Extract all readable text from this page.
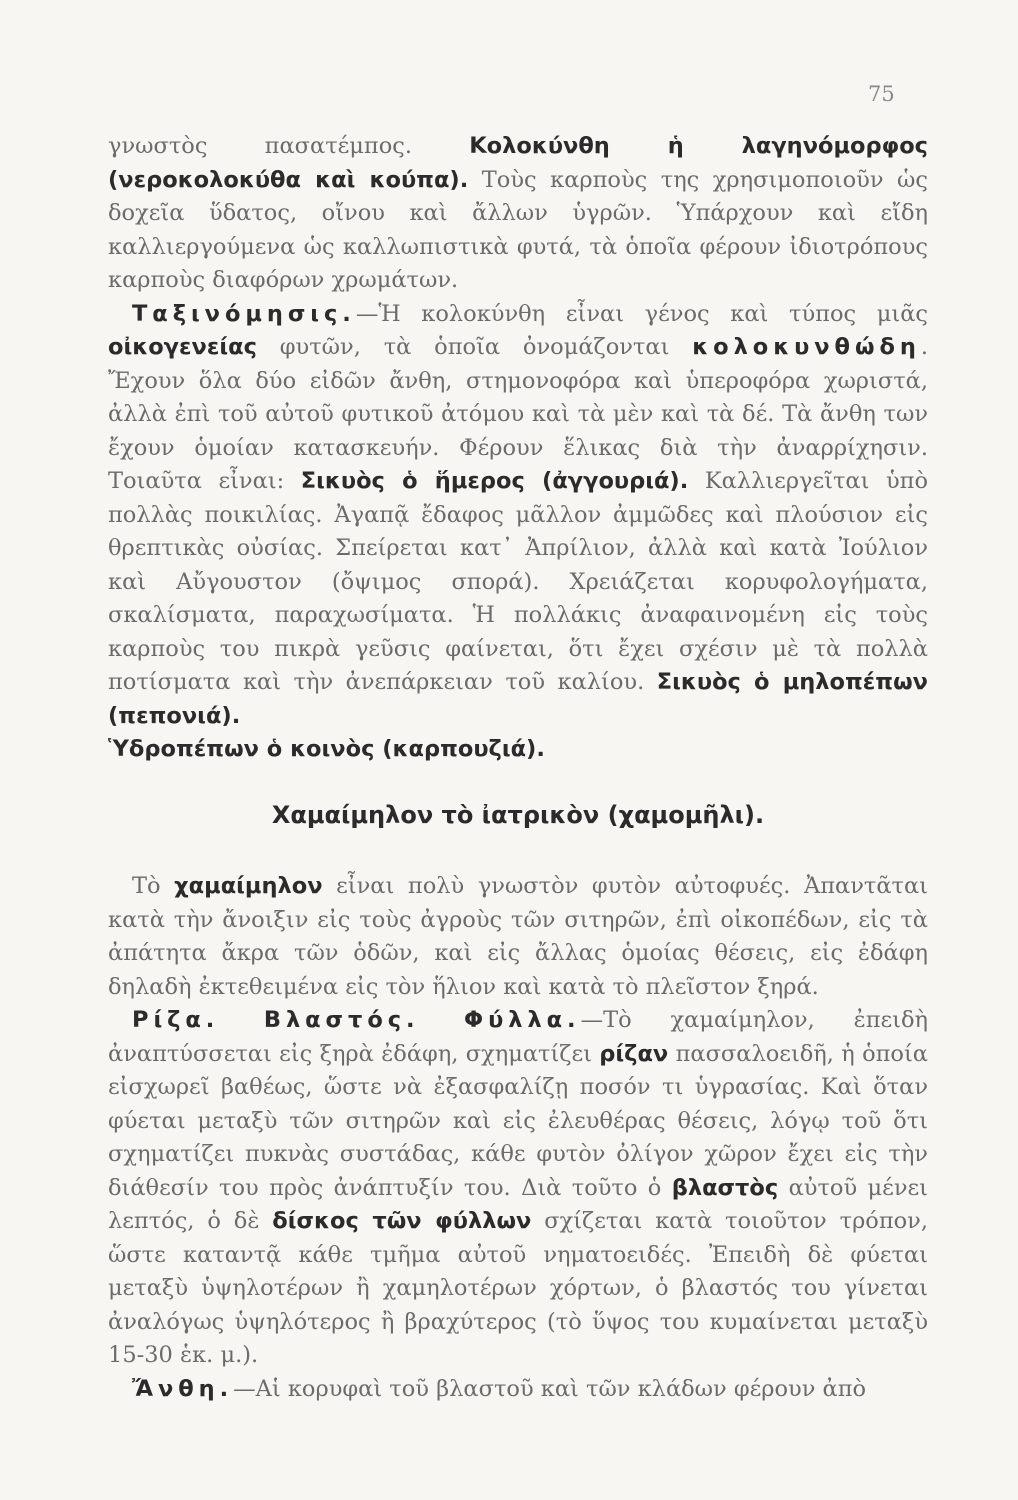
75

γνωστὸς πασατέμπος. Κολοκύνθη ἡ λαγηνόμορφος (νεροκολοκύθα καὶ κούπα). Τοὺς καρποὺς της χρησιμοποιοῦν ὡς δοχεῖα ὕδατος, οἴνου καὶ ἄλλων ὑγρῶν. Ὑπάρχουν καὶ εἴδη καλλιεργούμενα ὡς καλλωπιστικὰ φυτά, τὰ ὁποῖα φέρουν ἰδιοτρόπους καρποὺς διαφόρων χρωμάτων.

Ταξινόμησις.—Ἡ κολοκύνθη εἶναι γένος καὶ τύπος μιᾶς οἰκογενείας φυτῶν, τὰ ὁποῖα ὀνομάζονται κολοκυνθώδη. Ἔχουν ὅλα δύο εἰδῶν ἄνθη, στημονοφόρα καὶ ὑπεροφόρα χωριστά, ἀλλὰ ἐπὶ τοῦ αὐτοῦ φυτικοῦ ἀτόμου καὶ τὰ μὲν καὶ τὰ δέ. Τὰ ἄνθη των ἔχουν ὁμοίαν κατασκευήν. Φέρουν ἕλικας διὰ τὴν ἀναρρίχησιν. Τοιαῦτα εἶναι: Σικυὸς ὁ ἥμερος (ἀγγουριά). Καλλιεργεῖται ὑπὸ πολλὰς ποικιλίας. Ἀγαπᾷ ἔδαφος μᾶλλον ἀμμῶδες καὶ πλούσιον εἰς θρεπτικὰς οὐσίας. Σπείρεται κατ᾽ Ἀπρίλιον, ἀλλὰ καὶ κατὰ Ἰούλιον καὶ Αὔγουστον (ὄψιμος σπορά). Χρειάζεται κορυφολογήματα, σκαλίσματα, παραχωσίματα. Ἡ πολλάκις ἀναφαινομένη εἰς τοὺς καρποὺς του πικρὰ γεῦσις φαίνεται, ὅτι ἔχει σχέσιν μὲ τὰ πολλὰ ποτίσματα καὶ τὴν ἀνεπάρκειαν τοῦ καλίου. Σικυὸς ὁ μηλοπέπων (πεπονιά).
Ὑδροπέπων ὁ κοινὸς (καρπουζιά).

Χαμαίμηλον τὸ ἰατρικὸν (χαμομῆλι).

Τὸ χαμαίμηλον εἶναι πολὺ γνωστὸν φυτὸν αὐτοφυές. Ἀπαντᾶται κατὰ τὴν ἄνοιξιν εἰς τοὺς ἀγροὺς τῶν σιτηρῶν, ἐπὶ οἰκοπέδων, εἰς τὰ ἀπάτητα ἄκρα τῶν ὁδῶν, καὶ εἰς ἄλλας ὁμοίας θέσεις, εἰς ἐδάφη δηλαδὴ ἐκτεθειμένα εἰς τὸν ἥλιον καὶ κατὰ τὸ πλεῖστον ξηρά.

Ρίζα. Βλαστός. Φύλλα.—Τὸ χαμαίμηλον, ἐπειδὴ ἀναπτύσσεται εἰς ξηρὰ ἐδάφη, σχηματίζει ρίζαν πασσαλοειδῆ, ἡ ὁποία εἰσχωρεῖ βαθέως, ὥστε νὰ ἐξασφαλίζῃ ποσόν τι ὑγρασίας. Καὶ ὅταν φύεται μεταξὺ τῶν σιτηρῶν καὶ εἰς ἐλευθέρας θέσεις, λόγῳ τοῦ ὅτι σχηματίζει πυκνὰς συστάδας, κάθε φυτὸν ὀλίγον χῶρον ἔχει εἰς τὴν διάθεσίν του πρὸς ἀνάπτυξίν του. Διὰ τοῦτο ὁ βλαστὸς αὐτοῦ μένει λεπτός, ὁ δὲ δίσκος τῶν φύλλων σχίζεται κατὰ τοιοῦτον τρόπον, ὥστε καταντᾷ κάθε τμῆμα αὐτοῦ νηματοειδές. Ἐπειδὴ δὲ φύεται μεταξὺ ὑψηλοτέρων ἢ χαμηλοτέρων χόρτων, ὁ βλαστός του γίνεται ἀναλόγως ὑψηλότερος ἢ βραχύτερος (τὸ ὕψος του κυμαίνεται μεταξὺ 15-30 ἑκ. μ.).

Ἄνθη.—Αἱ κορυφαὶ τοῦ βλαστοῦ καὶ τῶν κλάδων φέρουν ἀπὸ
